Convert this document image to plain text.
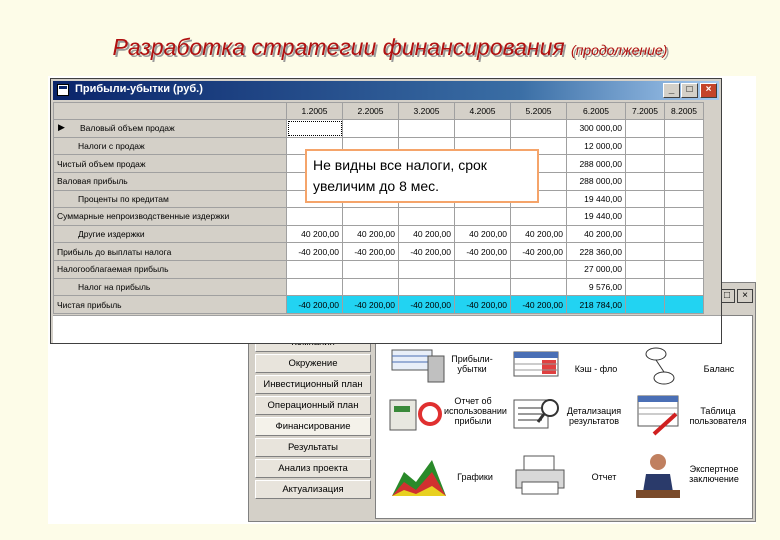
Разработка стратегии финансирования (продолжение)
□	×
Окружение
Инвестиционный план
Операционный план
Финансирование
Результаты
Анализ проекта
Актуализация
Прибыли-убытки	Кэш - фло	Баланс
Отчет об использовании прибыли
Детализация результатов
Таблица пользователя
Графики	Отчет
Экспертное заключение
Прибыли-убытки (руб.)	_	□	×
	1.2005	2.2005	3.2005	4.2005	5.2005	6.2005	7.2005	8.2005

▶ Валовый объем продаж						300 000,00		
Налоги с продаж						12 000,00		
Чистый объем продаж						288 000,00		
Валовая прибыль						288 000,00		
Проценты по кредитам						19 440,00		
Суммарные непроизводственные издержки						19 440,00		
Другие издержки	40 200,00	40 200,00	40 200,00	40 200,00	40 200,00	40 200,00		
Прибыль до выплаты налога	-40 200,00	-40 200,00	-40 200,00	-40 200,00	-40 200,00	228 360,00		
Налогооблагаемая прибыль						27 000,00		
Налог на прибыль						9 576,00		
Чистая прибыль	-40 200,00	-40 200,00	-40 200,00	-40 200,00	-40 200,00	218 784,00		
Не видны все налоги, срок увеличим до 8 мес.
